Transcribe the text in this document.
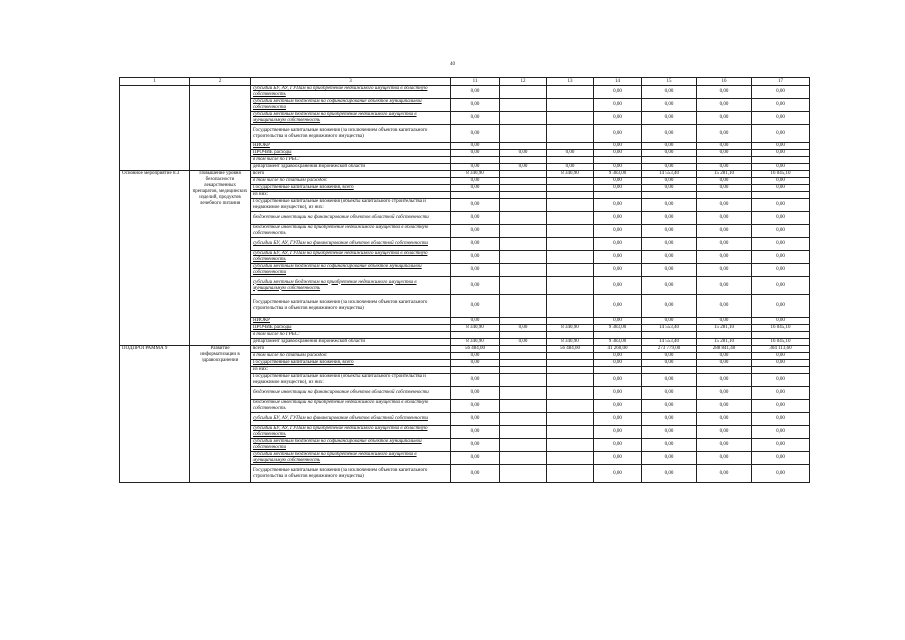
40
1	2	3	11	12	13	14	15	16	17
		субсидии БУ, АУ, ГУПам на приобретение недвижимого имущества в областную собственность	0,00			0,00	0,00	0,00	0,00
		субсидии местным бюджетам на софинансирование объектов муниципальной собственности	0,00			0,00	0,00	0,00	0,00
		субсидии местным бюджетам на приобретение недвижимого имущества в муниципальную собственность	0,00			0,00	0,00	0,00	0,00
		Государственные капитальные вложения (за исключением объектов капитального строительства и объектов недвижимого имущества)	0,00			0,00	0,00	0,00	0,00
		НИОКР	0,00			0,00	0,00	0,00	0,00
		ПРОЧИЕ расходы	0,00	0,00	0,00	0,00	0,00	0,00	0,00
		в том числе по ГРБС:							
		департамент здравоохранения Воронежской области	0,00	0,00	0,00	0,00	0,00	0,00	0,00
Основное мероприятие 8.3	Повышение уровня безопасности лекарственных препаратов, медицинских изделий, продуктов лечебного питания	всего	8 340,90		8 340,90	9 383,00	14 553,40	15 281,10	16 045,10
		в том числе по статьям расходов:	0,00			0,00	0,00	0,00	0,00
		Государственные капитальные вложения, всего	0,00			0,00	0,00	0,00	0,00
		из них:							
		Государственные капитальные вложения (объекты капитального строительства и недвижимое имущество), из них:	0,00			0,00	0,00	0,00	0,00
		бюджетные инвестиции на финансирование объектов областной собственности	0,00			0,00	0,00	0,00	0,00
		бюджетные инвестиции на приобретение недвижимого имущества в областную собственность	0,00			0,00	0,00	0,00	0,00
		субсидии БУ, АУ, ГУПам на финансирование объектов областной собственности	0,00			0,00	0,00	0,00	0,00
		субсидии БУ, АУ, ГУПам на приобретение недвижимого имущества в областную собственность	0,00			0,00	0,00	0,00	0,00
		субсидии местным бюджетам на софинансирование объектов муниципальной собственности	0,00			0,00	0,00	0,00	0,00
		субсидии местным бюджетам на приобретение недвижимого имущества в муниципальную собственность	0,00			0,00	0,00	0,00	0,00
		Государственные капитальные вложения (за исключением объектов капитального строительства и объектов недвижимого имущества)	0,00			0,00	0,00	0,00	0,00
		НИОКР	0,00			0,00	0,00	0,00	0,00
		ПРОЧИЕ расходы	8 340,90	0,00	8 340,90	9 383,00	14 553,40	15 281,10	16 045,10
		в том числе по ГРБС:							
		департамент здравоохранения Воронежской области	8 340,90	0,00	8 340,90	9 383,00	14 553,40	15 281,10	16 045,10
ПОДПРОГРАММА 9	Развитие информатизации в здравоохранении	всего	56 484,00		56 484,00	41 260,00	273 779,00	288 841,40	304 113,60
		в том числе по статьям расходов:	0,00			0,00	0,00	0,00	0,00
		Государственные капитальные вложения, всего	0,00			0,00	0,00	0,00	0,00
		из них:							
		Государственные капитальные вложения (объекты капитального строительства и недвижимое имущество), из них:	0,00			0,00	0,00	0,00	0,00
		бюджетные инвестиции на финансирование объектов областной собственности	0,00			0,00	0,00	0,00	0,00
		бюджетные инвестиции на приобретение недвижимого имущества в областную собственность	0,00			0,00	0,00	0,00	0,00
		субсидии БУ, АУ, ГУПам на финансирование объектов областной собственности	0,00			0,00	0,00	0,00	0,00
		субсидии БУ, АУ, ГУПам на приобретение недвижимого имущества в областную собственность	0,00			0,00	0,00	0,00	0,00
		субсидии местным бюджетам на софинансирование объектов муниципальной собственности	0,00			0,00	0,00	0,00	0,00
		субсидии местным бюджетам на приобретение недвижимого имущества в муниципальную собственность	0,00			0,00	0,00	0,00	0,00
		Государственные капитальные вложения (за исключением объектов капитального строительства и объектов недвижимого имущества)	0,00			0,00	0,00	0,00	0,00
